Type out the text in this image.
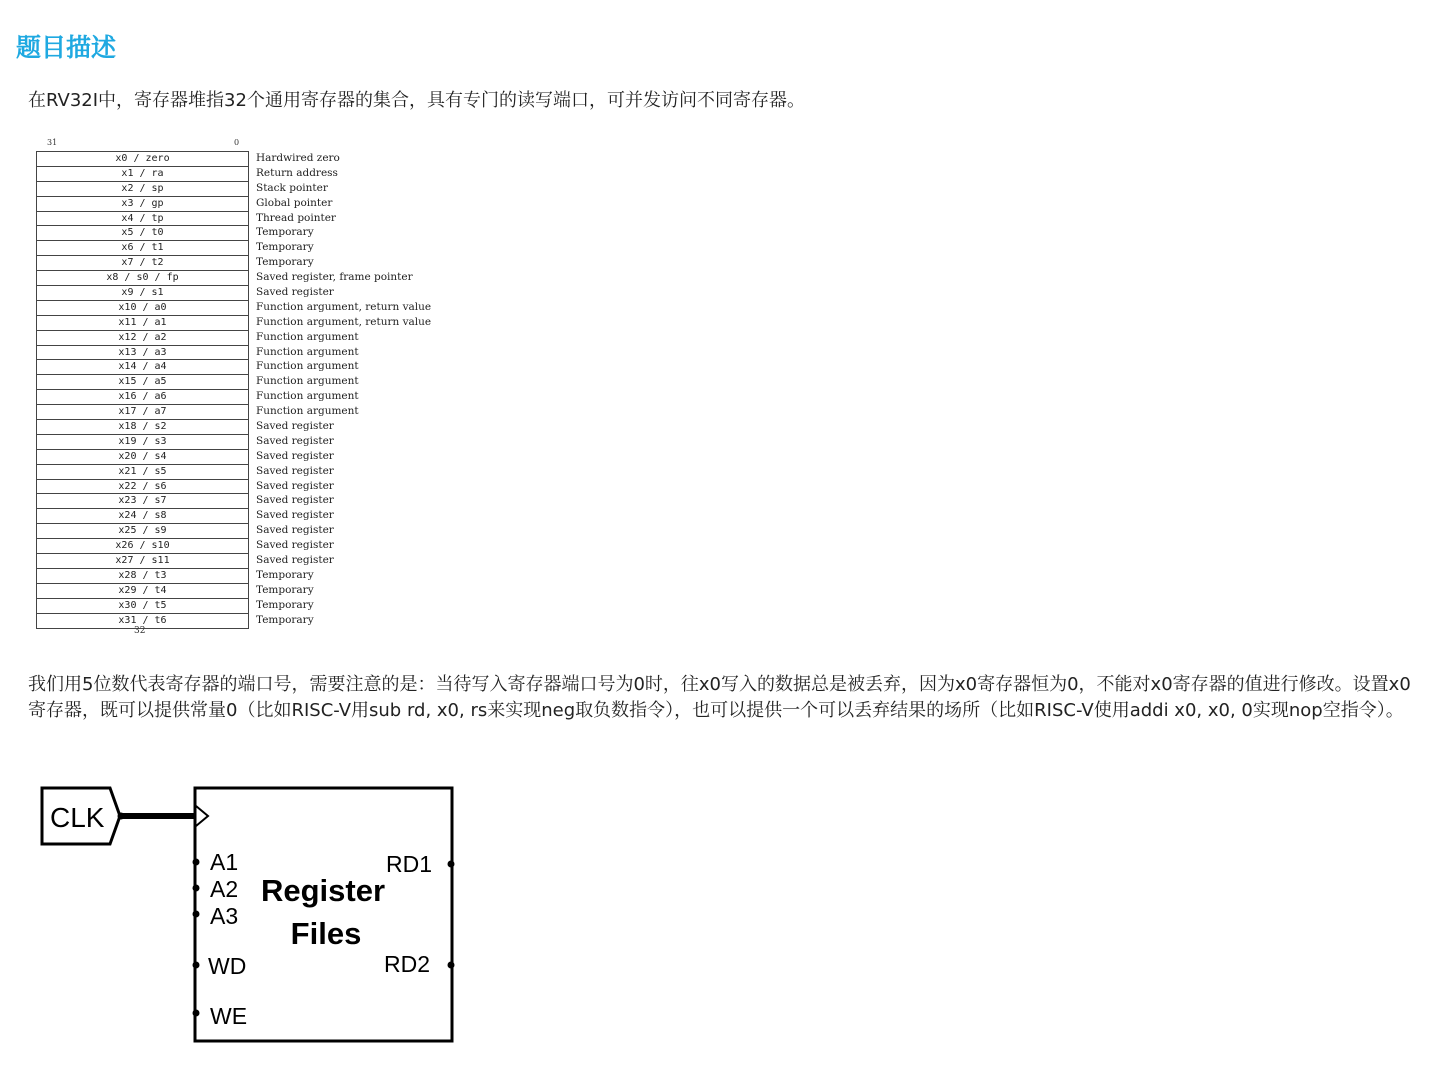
题目描述

在RV32I中，寄存器堆指32个通用寄存器的集合，具有专门的读写端口，可并发访问不同寄存器。

31	0
x0 / zero
x1 / ra
x2 / sp
x3 / gp
x4 / tp
x5 / t0
x6 / t1
x7 / t2
x8 / s0 / fp
x9 / s1
x10 / a0
x11 / a1
x12 / a2
x13 / a3
x14 / a4
x15 / a5
x16 / a6
x17 / a7
x18 / s2
x19 / s3
x20 / s4
x21 / s5
x22 / s6
x23 / s7
x24 / s8
x25 / s9
x26 / s10
x27 / s11
x28 / t3
x29 / t4
x30 / t5
x31 / t6
Hardwired zero
Return address
Stack pointer
Global pointer
Thread pointer
Temporary
Temporary
Temporary
Saved register, frame pointer
Saved register
Function argument, return value
Function argument, return value
Function argument
Function argument
Function argument
Function argument
Function argument
Function argument
Saved register
Saved register
Saved register
Saved register
Saved register
Saved register
Saved register
Saved register
Saved register
Saved register
Temporary
Temporary
Temporary
Temporary
32

我们用5位数代表寄存器的端口号，需要注意的是：当待写入寄存器端口号为0时，往x0写入的数据总是被丢弃，因为x0寄存器恒为0，不能对x0寄存器的值进行修改。设置x0寄存器，既可以提供常量0（比如RISC-V用sub rd, x0, rs来实现neg取负数指令），也可以提供一个可以丢弃结果的场所（比如RISC-V使用addi x0, x0, 0实现nop空指令）。

CLK
A1
A2
A3
WD
WE
RD1
RD2
Register
Files
